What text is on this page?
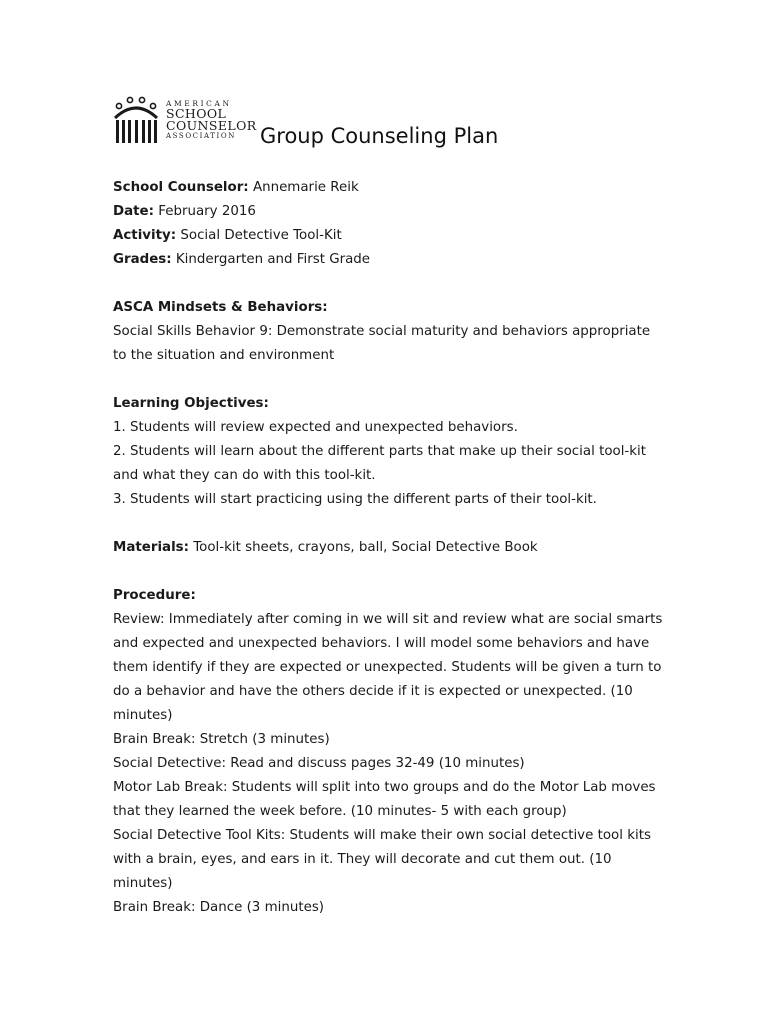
AMERICAN
SCHOOL
COUNSELOR
ASSOCIATION	Group Counseling Plan
School Counselor: Annemarie Reik
Date: February 2016
Activity: Social Detective Tool-Kit
Grades: Kindergarten and First Grade
ASCA Mindsets & Behaviors:
Social Skills Behavior 9: Demonstrate social maturity and behaviors appropriate
to the situation and environment
Learning Objectives:
1. Students will review expected and unexpected behaviors.
2. Students will learn about the different parts that make up their social tool-kit
and what they can do with this tool-kit.
3. Students will start practicing using the different parts of their tool-kit.
Materials: Tool-kit sheets, crayons, ball, Social Detective Book
Procedure:
Review: Immediately after coming in we will sit and review what are social smarts
and expected and unexpected behaviors. I will model some behaviors and have
them identify if they are expected or unexpected. Students will be given a turn to
do a behavior and have the others decide if it is expected or unexpected. (10
minutes)
Brain Break: Stretch (3 minutes)
Social Detective: Read and discuss pages 32-49 (10 minutes)
Motor Lab Break: Students will split into two groups and do the Motor Lab moves
that they learned the week before. (10 minutes- 5 with each group)
Social Detective Tool Kits: Students will make their own social detective tool kits
with a brain, eyes, and ears in it. They will decorate and cut them out. (10
minutes)
Brain Break: Dance (3 minutes)
